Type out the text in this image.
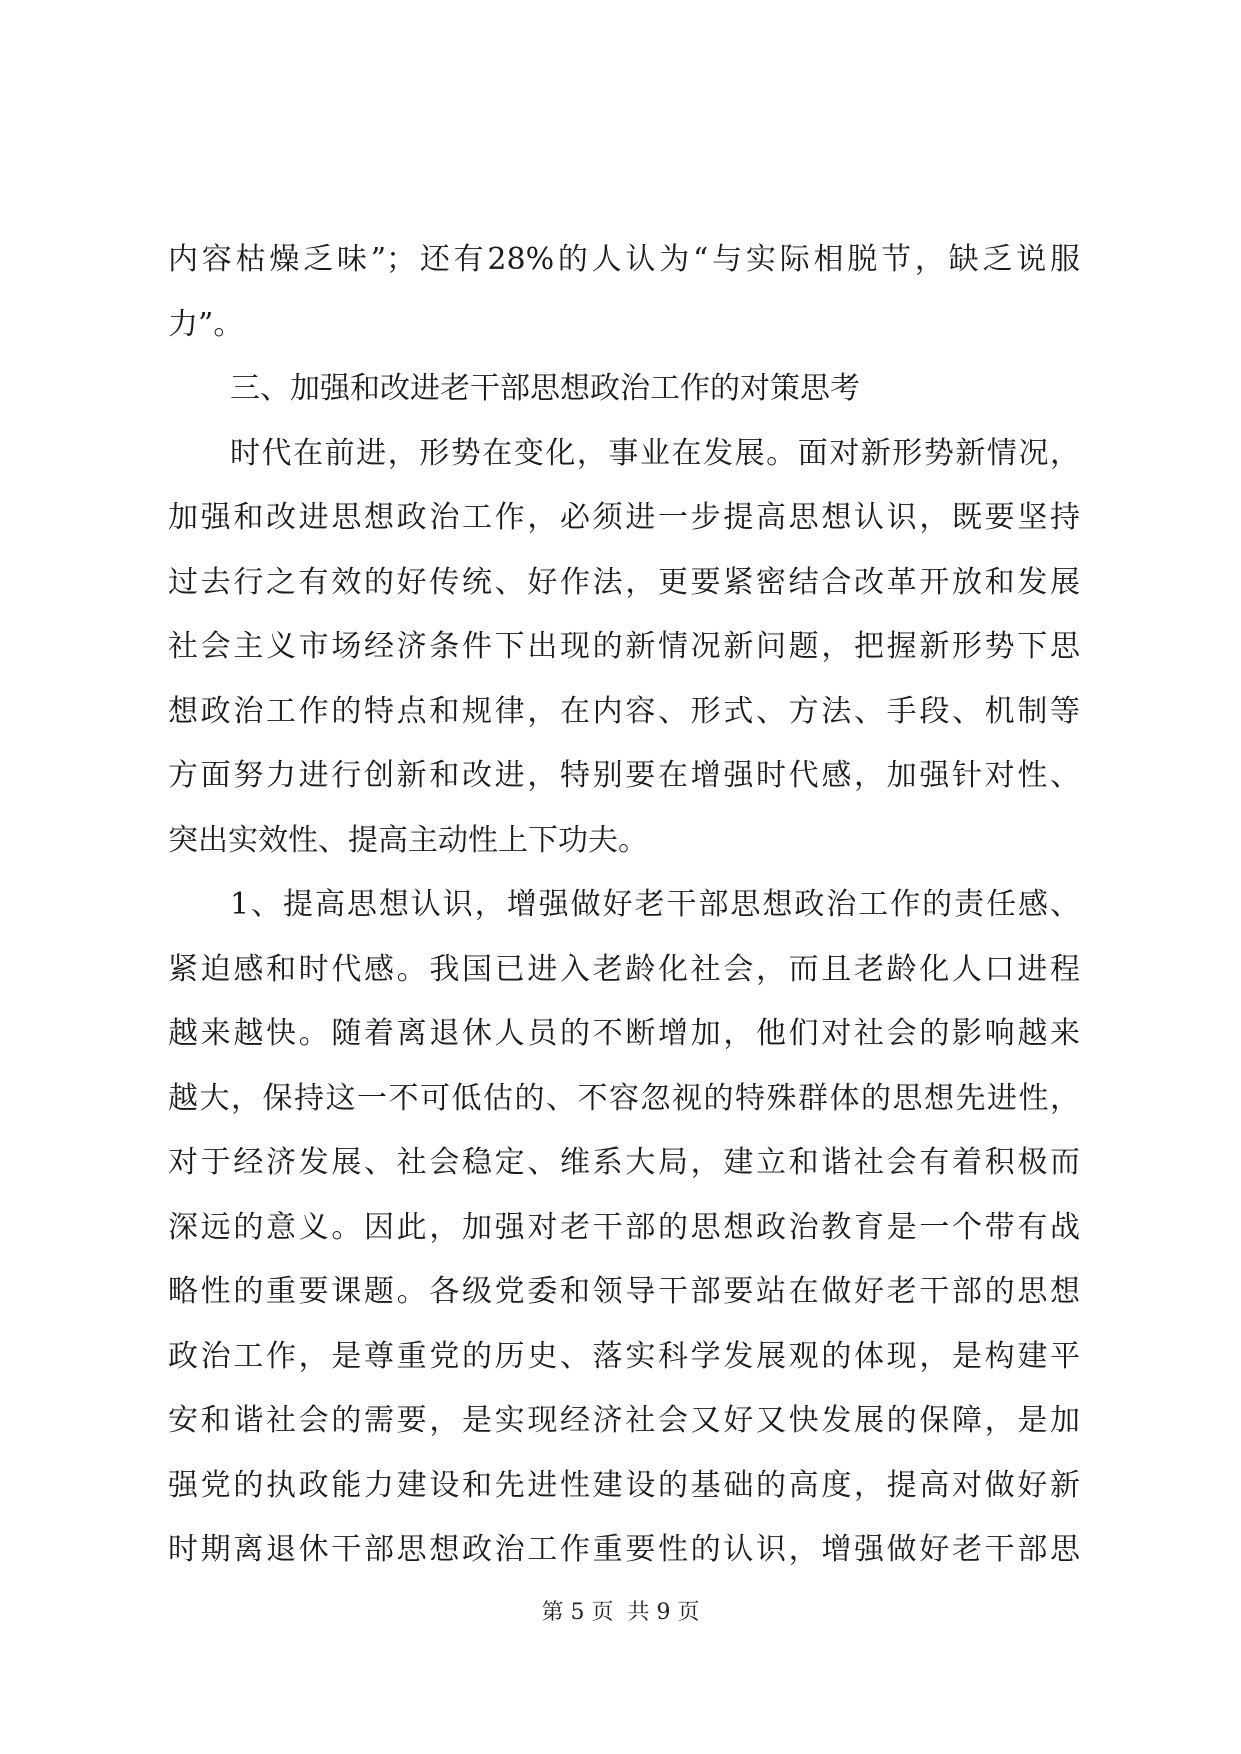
内容枯燥乏味”；还有28%的人认为“与实际相脱节，缺乏说服
力”。
三、加强和改进老干部思想政治工作的对策思考
时代在前进，形势在变化，事业在发展。面对新形势新情况，
加强和改进思想政治工作，必须进一步提高思想认识，既要坚持
过去行之有效的好传统、好作法，更要紧密结合改革开放和发展
社会主义市场经济条件下出现的新情况新问题，把握新形势下思
想政治工作的特点和规律，在内容、形式、方法、手段、机制等
方面努力进行创新和改进，特别要在增强时代感，加强针对性、
突出实效性、提高主动性上下功夫。
1、提高思想认识，增强做好老干部思想政治工作的责任感、
紧迫感和时代感。我国已进入老龄化社会，而且老龄化人口进程
越来越快。随着离退休人员的不断增加，他们对社会的影响越来
越大，保持这一不可低估的、不容忽视的特殊群体的思想先进性，
对于经济发展、社会稳定、维系大局，建立和谐社会有着积极而
深远的意义。因此，加强对老干部的思想政治教育是一个带有战
略性的重要课题。各级党委和领导干部要站在做好老干部的思想
政治工作，是尊重党的历史、落实科学发展观的体现，是构建平
安和谐社会的需要，是实现经济社会又好又快发展的保障，是加
强党的执政能力建设和先进性建设的基础的高度，提高对做好新
时期离退休干部思想政治工作重要性的认识，增强做好老干部思
第 5 页  共 9 页
